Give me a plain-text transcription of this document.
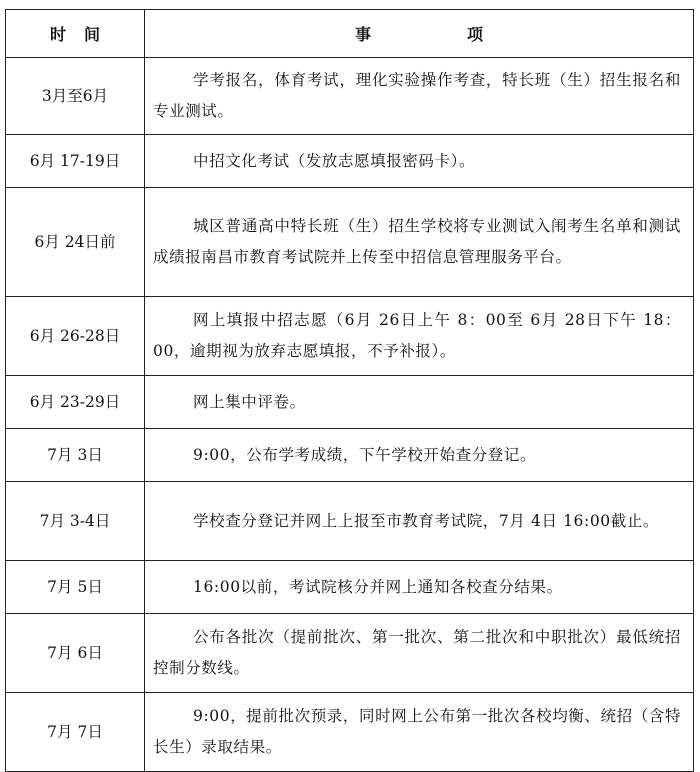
时间	事项
3月至6月	学考报名，体育考试，理化实验操作考查，特长班（生）招生报名和专业测试。
6月 17-19日	中招文化考试（发放志愿填报密码卡）。
6月 24日前	城区普通高中特长班（生）招生学校将专业测试入闱考生名单和测试成绩报南昌市教育考试院并上传至中招信息管理服务平台。
6月 26-28日	网上填报中招志愿（6月 26日上午 8：00至 6月 28日下午 18：00，逾期视为放弃志愿填报，不予补报）。
6月 23-29日	网上集中评卷。
7月 3日	9:00，公布学考成绩，下午学校开始查分登记。
7月 3-4日	学校查分登记并网上上报至市教育考试院，7月 4日 16:00截止。
7月 5日	16:00以前，考试院核分并网上通知各校查分结果。
7月 6日	公布各批次（提前批次、第一批次、第二批次和中职批次）最低统招控制分数线。
7月 7日	9:00，提前批次预录，同时网上公布第一批次各校均衡、统招（含特长生）录取结果。
